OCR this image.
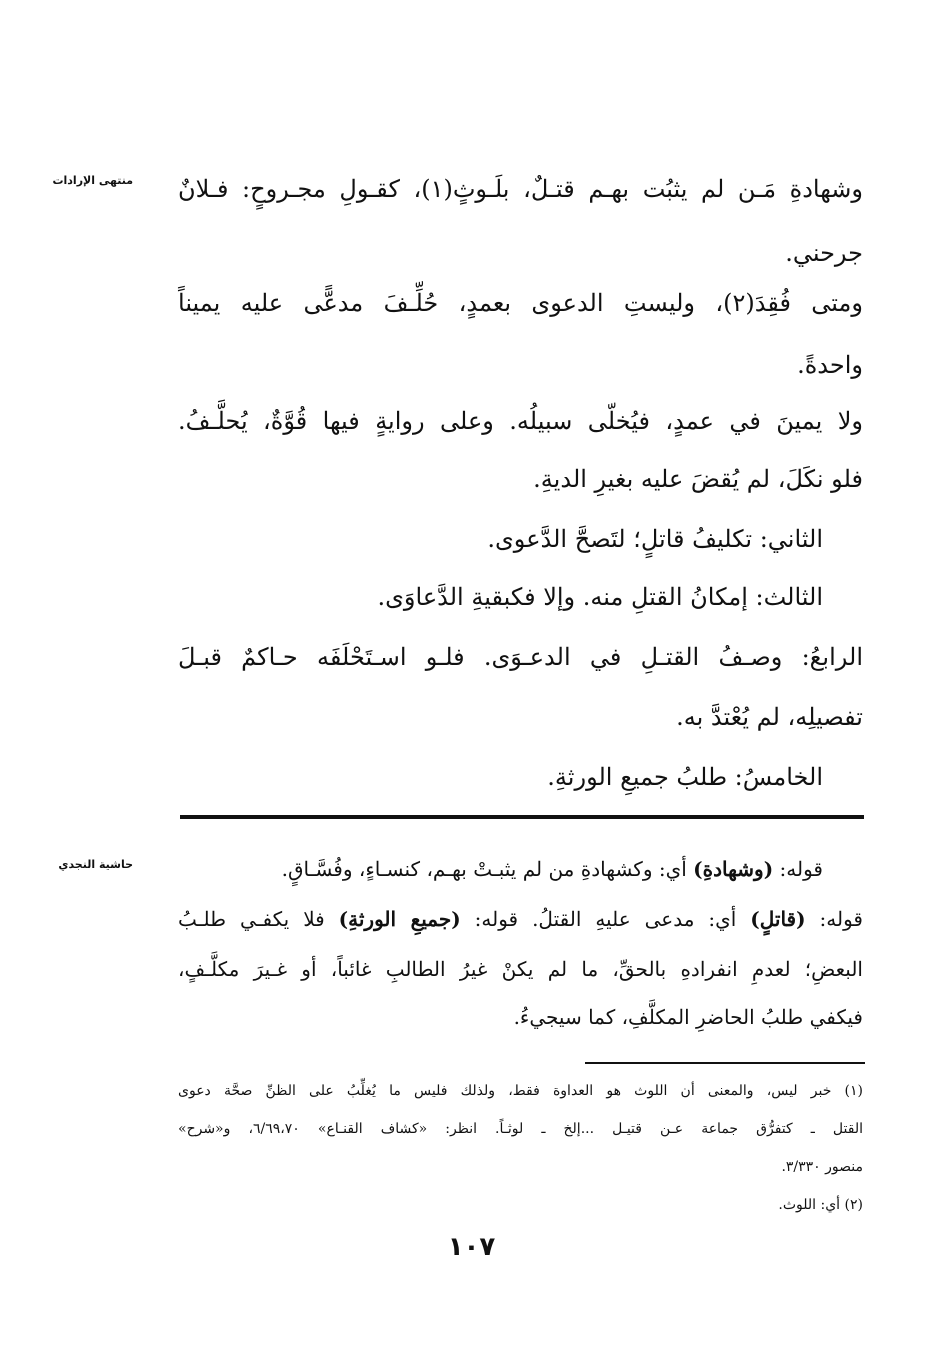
منتهى الإرادات وشهادةِ مَـن لم يثبُت بهـم قتـلٌ، بلَـوثٍ(١)، كقـولِ مجـروحٍ: فـلانٌ

جرحني.

ومتى فُقِدَ(٢)، وليستِ الدعوى بعمدٍ، حُلِّـفَ مدعًّى عليه يميناً

واحدةً.

ولا يمينَ في عمدٍ، فيُخلّى سبيلُه. وعلى روايةٍ فيها قُوَّةٌ، يُحلَّـفُ.

فلو نكَلَ، لم يُقضَ عليه بغيرِ الديةِ.

الثاني: تكليفُ قاتلٍ؛ لتَصحَّ الدَّعوى.

الثالث: إمكانُ القتلِ منه. وإلا فكبقيةِ الدَّعاوَى.

الرابعُ: وصـفُ القتـلِ في الدعـوَى. فلـو اسـتَحْلَفَه حـاكمٌ قبـلَ

تفصيلِه، لم يُعْتدَّ به.

الخامسُ: طلبُ جميعِ الورثةِ.

حاشية النجدي	قوله: (وشهادةِ) أي: وكشهادةِ من لم يثبـتْ بهـم، كنسـاءٍ، وفُسَّـاقٍ.

قوله: (قاتلٍ) أي: مدعى عليهِ القتلُ. قوله: (جميعِ الورثةِ) فلا يكفـي طلـبُ

البعضِ؛ لعدمِ انفرادهِ بالحقِّ، ما لم يكنْ غيرُ الطالبِ غائباً، أو غـيرَ مكلَّـفٍ،

فيكفي طلبُ الحاضرِ المكلَّفِ، كما سيجيءُ.

(١) خبر ليس، والمعنى أن اللوث هو العداوة فقط، ولذلك فليس ما يُغلِّبُ على الظنِّ صحَّة دعوى

القتل ـ كتفرُّق جماعة عـن قتيـل ...إلخ ـ لوثـاً. انظر: «كشاف القنـاع» ٦/٦٩،٧٠، و«شرح»

منصور ٣/٣٣٠.

(٢) أي: اللوث.

١٠٧
